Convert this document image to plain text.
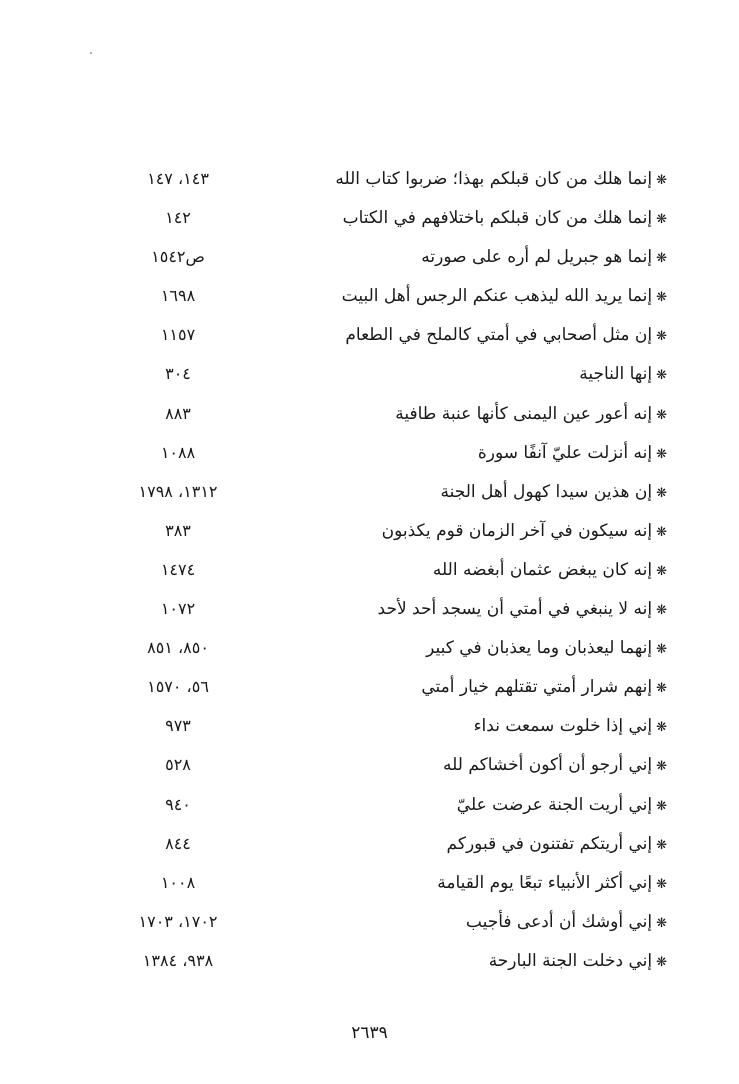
❋إنما هلك من كان قبلكم بهذا؛ ضربوا كتاب الله
١٤٣، ١٤٧
❋إنما هلك من كان قبلكم باختلافهم في الكتاب
١٤٢
❋إنما هو جبريل لم أره على صورته
ص١٥٤٢
❋إنما يريد الله ليذهب عنكم الرجس أهل البيت
١٦٩٨
❋إن مثل أصحابي في أمتي كالملح في الطعام
١١٥٧
❋إنها الناجية
٣٠٤
❋إنه أعور عين اليمنى كأنها عنبة طافية
٨٨٣
❋إنه أنزلت عليّ آنفًا سورة
١٠٨٨
❋إن هذين سيدا كهول أهل الجنة
١٣١٢، ١٧٩٨
❋إنه سيكون في آخر الزمان قوم يكذبون
٣٨٣
❋إنه كان يبغض عثمان أبغضه الله
١٤٧٤
❋إنه لا ينبغي في أمتي أن يسجد أحد لأحد
١٠٧٢
❋إنهما ليعذبان وما يعذبان في كبير
٨٥٠، ٨٥١
❋إنهم شرار أمتي تقتلهم خيار أمتي
٥٦، ١٥٧٠
❋إني إذا خلوت سمعت نداء
٩٧٣
❋إني أرجو أن أكون أخشاكم لله
٥٢٨
❋إني أريت الجنة عرضت عليّ
٩٤٠
❋إني أريتكم تفتنون في قبوركم
٨٤٤
❋إني أكثر الأنبياء تبعًا يوم القيامة
١٠٠٨
❋إني أوشك أن أدعى فأجيب
١٧٠٢، ١٧٠٣
❋إني دخلت الجنة البارحة
٩٣٨، ١٣٨٤
٢٦٣٩
